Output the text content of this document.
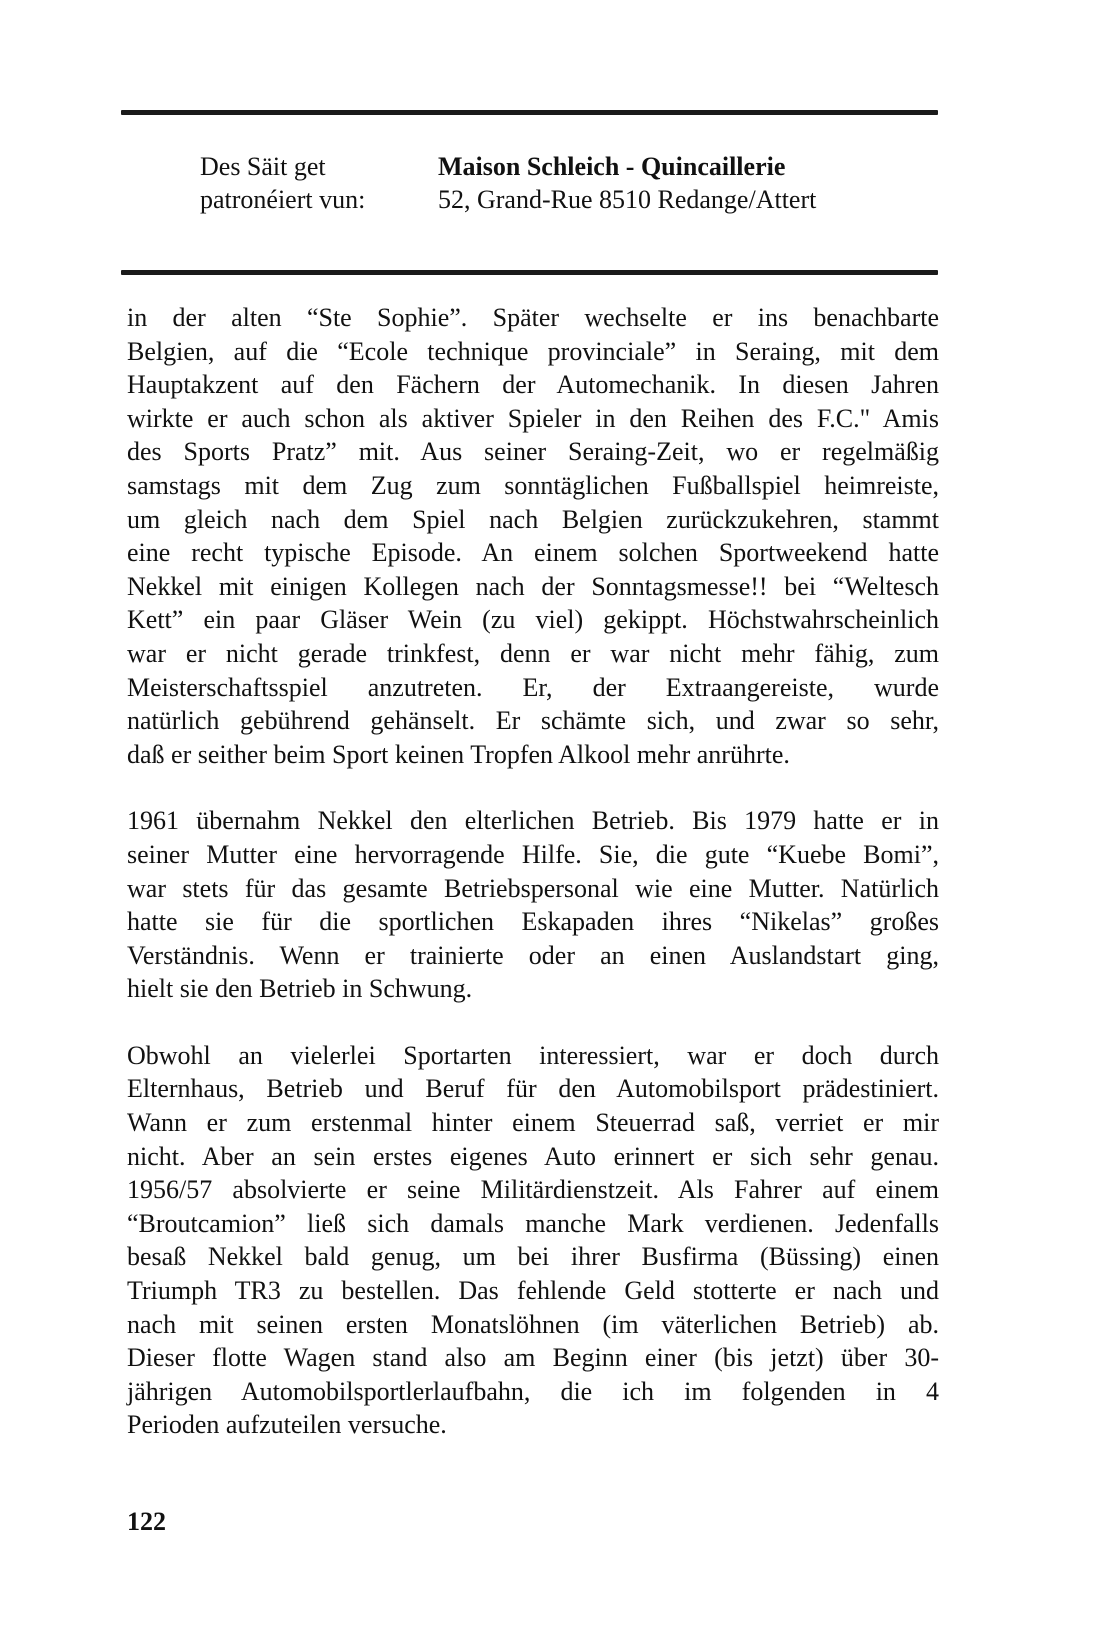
Des Säit get	Maison Schleich - Quincaillerie
patronéiert vun:	52, Grand-Rue 8510 Redange/Attert

in der alten “Ste Sophie”. Später wechselte er ins benachbarte

Belgien, auf die “Ecole technique provinciale” in Seraing, mit dem

Hauptakzent auf den Fächern der Automechanik. In diesen Jahren

wirkte er auch schon als aktiver Spieler in den Reihen des F.C." Amis

des Sports Pratz” mit. Aus seiner Seraing-Zeit, wo er regelmäßig

samstags mit dem Zug zum sonntäglichen Fußballspiel heimreiste,

um gleich nach dem Spiel nach Belgien zurückzukehren, stammt

eine recht typische Episode. An einem solchen Sportweekend hatte

Nekkel mit einigen Kollegen nach der Sonntagsmesse!! bei “Weltesch

Kett” ein paar Gläser Wein (zu viel) gekippt. Höchstwahrscheinlich

war er nicht gerade trinkfest, denn er war nicht mehr fähig, zum

Meisterschaftsspiel anzutreten. Er, der Extraangereiste, wurde

natürlich gebührend gehänselt. Er schämte sich, und zwar so sehr,

daß er seither beim Sport keinen Tropfen Alkool mehr anrührte.

1961 übernahm Nekkel den elterlichen Betrieb. Bis 1979 hatte er in

seiner Mutter eine hervorragende Hilfe. Sie, die gute “Kuebe Bomi”,

war stets für das gesamte Betriebspersonal wie eine Mutter. Natürlich

hatte sie für die sportlichen Eskapaden ihres “Nikelas” großes

Verständnis. Wenn er trainierte oder an einen Auslandstart ging,

hielt sie den Betrieb in Schwung.

Obwohl an vielerlei Sportarten interessiert, war er doch durch

Elternhaus, Betrieb und Beruf für den Automobilsport prädestiniert.

Wann er zum erstenmal hinter einem Steuerrad saß, verriet er mir

nicht. Aber an sein erstes eigenes Auto erinnert er sich sehr genau.

1956/57 absolvierte er seine Militärdienstzeit. Als Fahrer auf einem

“Broutcamion” ließ sich damals manche Mark verdienen. Jedenfalls

besaß Nekkel bald genug, um bei ihrer Busfirma (Büssing) einen

Triumph TR3 zu bestellen. Das fehlende Geld stotterte er nach und

nach mit seinen ersten Monatslöhnen (im väterlichen Betrieb) ab.

Dieser flotte Wagen stand also am Beginn einer (bis jetzt) über 30-

jährigen Automobilsportlerlaufbahn, die ich im folgenden in 4

Perioden aufzuteilen versuche.

122
